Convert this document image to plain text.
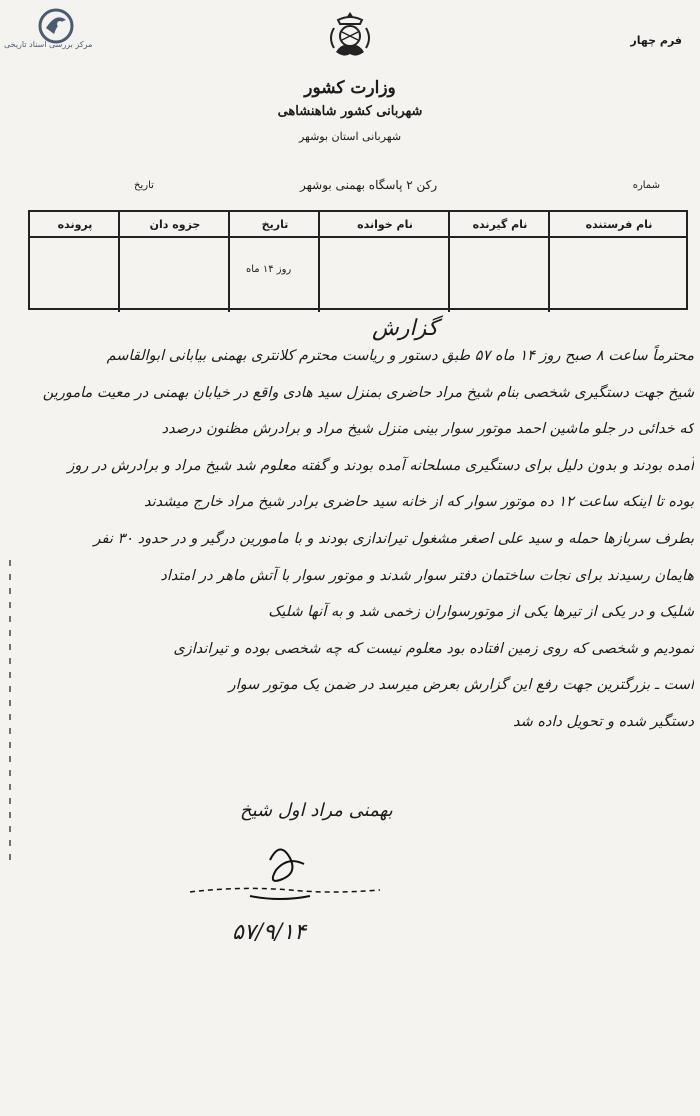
مرکز بررسی اسناد تاریخی	فرم چهار
وزارت کشور
شهربانی کشور شاهنشاهی
شهربانی استان بوشهر
شماره
رکن ۲ پاسگاه بهمنی بوشهر
تاریخ
نام فرستنده
نام گیرنده
نام خوانده
تاریخ
جزوه دان
پرونده
روز ۱۴ ماه
گزارش
محترماً ساعت ۸ صبح روز ۱۴ ماه ۵۷ طبق دستور و ریاست محترم کلانتری بهمنی بیابانی ابوالقاسم
شیخ جهت دستگیری شخصی بنام شیخ مراد حاضری بمنزل سید هادی واقع در خیابان بهمنی در معیت مامورین
که خدائی در جلو ماشین احمد موتور سوار بینی منزل شیخ مراد و برادرش مظنون درصدد
آمده بودند و بدون دلیل برای دستگیری مسلحانه آمده بودند و گفته معلوم شد شیخ مراد و برادرش در روز
بوده تا اینکه ساعت ۱۲ ده موتور سوار که از خانه سید حاضری برادر شیخ مراد خارج میشدند
بطرف سربازها حمله و سید علی اصغر مشغول تیراندازی بودند و با مامورین درگیر و در حدود ۳۰ نفر
هایمان رسیدند برای نجات ساختمان دفتر سوار شدند و موتور سوار با آتش ماهر در امتداد
شلیک و در یکی از تیرها یکی از موتورسواران زخمی شد و به آنها شلیک
نمودیم و شخصی که روی زمین افتاده بود معلوم نیست که چه شخصی بوده و تیراندازی
است ـ بزرگترین جهت رفع این گزارش بعرض میرسد در ضمن یک موتور سوار
دستگیر شده و تحویل داده شد
بهمنی مراد اول شیخ
۵۷/۹/۱۴
